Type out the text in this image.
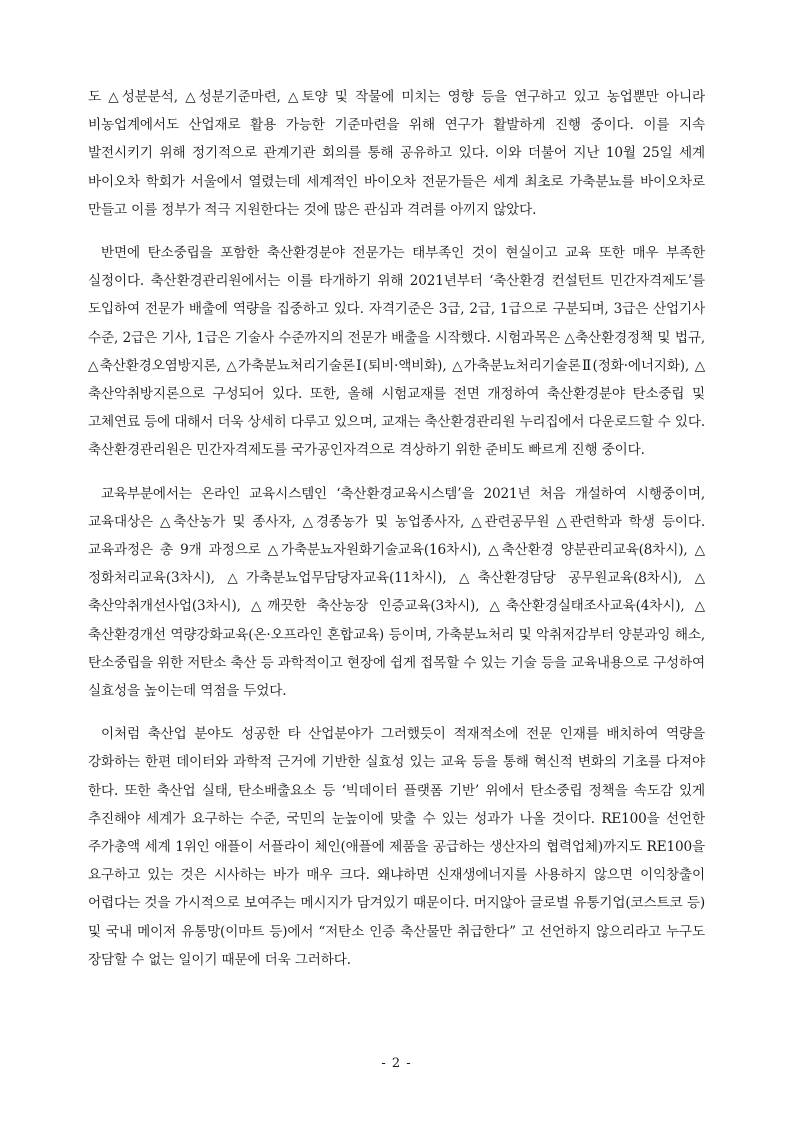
도 △성분분석, △성분기준마련, △토양 및 작물에 미치는 영향 등을 연구하고 있고 농업뿐만 아니라 비농업계에서도 산업재로 활용 가능한 기준마련을 위해 연구가 활발하게 진행 중이다. 이를 지속 발전시키기 위해 정기적으로 관계기관 회의를 통해 공유하고 있다. 이와 더불어 지난 10월 25일 세계 바이오차 학회가 서울에서 열렸는데 세계적인 바이오차 전문가들은 세계 최초로 가축분뇨를 바이오차로 만들고 이를 정부가 적극 지원한다는 것에 많은 관심과 격려를 아끼지 않았다.

반면에 탄소중립을 포함한 축산환경분야 전문가는 태부족인 것이 현실이고 교육 또한 매우 부족한 실정이다. 축산환경관리원에서는 이를 타개하기 위해 2021년부터 ‘축산환경 컨설턴트 민간자격제도’를 도입하여 전문가 배출에 역량을 집중하고 있다. 자격기준은 3급, 2급, 1급으로 구분되며, 3급은 산업기사 수준, 2급은 기사, 1급은 기술사 수준까지의 전문가 배출을 시작했다. 시험과목은 △축산환경정책 및 법규, △축산환경오염방지론, △가축분뇨처리기술론Ⅰ(퇴비·액비화), △가축분뇨처리기술론Ⅱ(정화·에너지화), △축산악취방지론으로 구성되어 있다. 또한, 올해 시험교재를 전면 개정하여 축산환경분야 탄소중립 및 고체연료 등에 대해서 더욱 상세히 다루고 있으며, 교재는 축산환경관리원 누리집에서 다운로드할 수 있다. 축산환경관리원은 민간자격제도를 국가공인자격으로 격상하기 위한 준비도 빠르게 진행 중이다.

교육부분에서는 온라인 교육시스템인 ‘축산환경교육시스템’을 2021년 처음 개설하여 시행중이며, 교육대상은 △축산농가 및 종사자, △경종농가 및 농업종사자, △관련공무원 △관련학과 학생 등이다. 교육과정은 총 9개 과정으로 △가축분뇨자원화기술교육(16차시), △축산환경 양분관리교육(8차시), △정화처리교육(3차시), △가축분뇨업무담당자교육(11차시), △축산환경담당 공무원교육(8차시), △축산악취개선사업(3차시), △깨끗한 축산농장 인증교육(3차시), △축산환경실태조사교육(4차시), △축산환경개선 역량강화교육(온·오프라인 혼합교육) 등이며, 가축분뇨처리 및 악취저감부터 양분과잉 해소, 탄소중립을 위한 저탄소 축산 등 과학적이고 현장에 쉽게 접목할 수 있는 기술 등을 교육내용으로 구성하여 실효성을 높이는데 역점을 두었다.

이처럼 축산업 분야도 성공한 타 산업분야가 그러했듯이 적재적소에 전문 인재를 배치하여 역량을 강화하는 한편 데이터와 과학적 근거에 기반한 실효성 있는 교육 등을 통해 혁신적 변화의 기초를 다져야 한다. 또한 축산업 실태, 탄소배출요소 등 ‘빅데이터 플랫폼 기반’ 위에서 탄소중립 정책을 속도감 있게 추진해야 세계가 요구하는 수준, 국민의 눈높이에 맞출 수 있는 성과가 나올 것이다. RE100을 선언한 주가총액 세계 1위인 애플이 서플라이 체인(애플에 제품을 공급하는 생산자의 협력업체)까지도 RE100을 요구하고 있는 것은 시사하는 바가 매우 크다. 왜냐하면 신재생에너지를 사용하지 않으면 이익창출이 어렵다는 것을 가시적으로 보여주는 메시지가 담겨있기 때문이다. 머지않아 글로벌 유통기업(코스트코 등) 및 국내 메이저 유통망(이마트 등)에서 “저탄소 인증 축산물만 취급한다” 고 선언하지 않으리라고 누구도 장담할 수 없는 일이기 때문에 더욱 그러하다.

- 2 -
